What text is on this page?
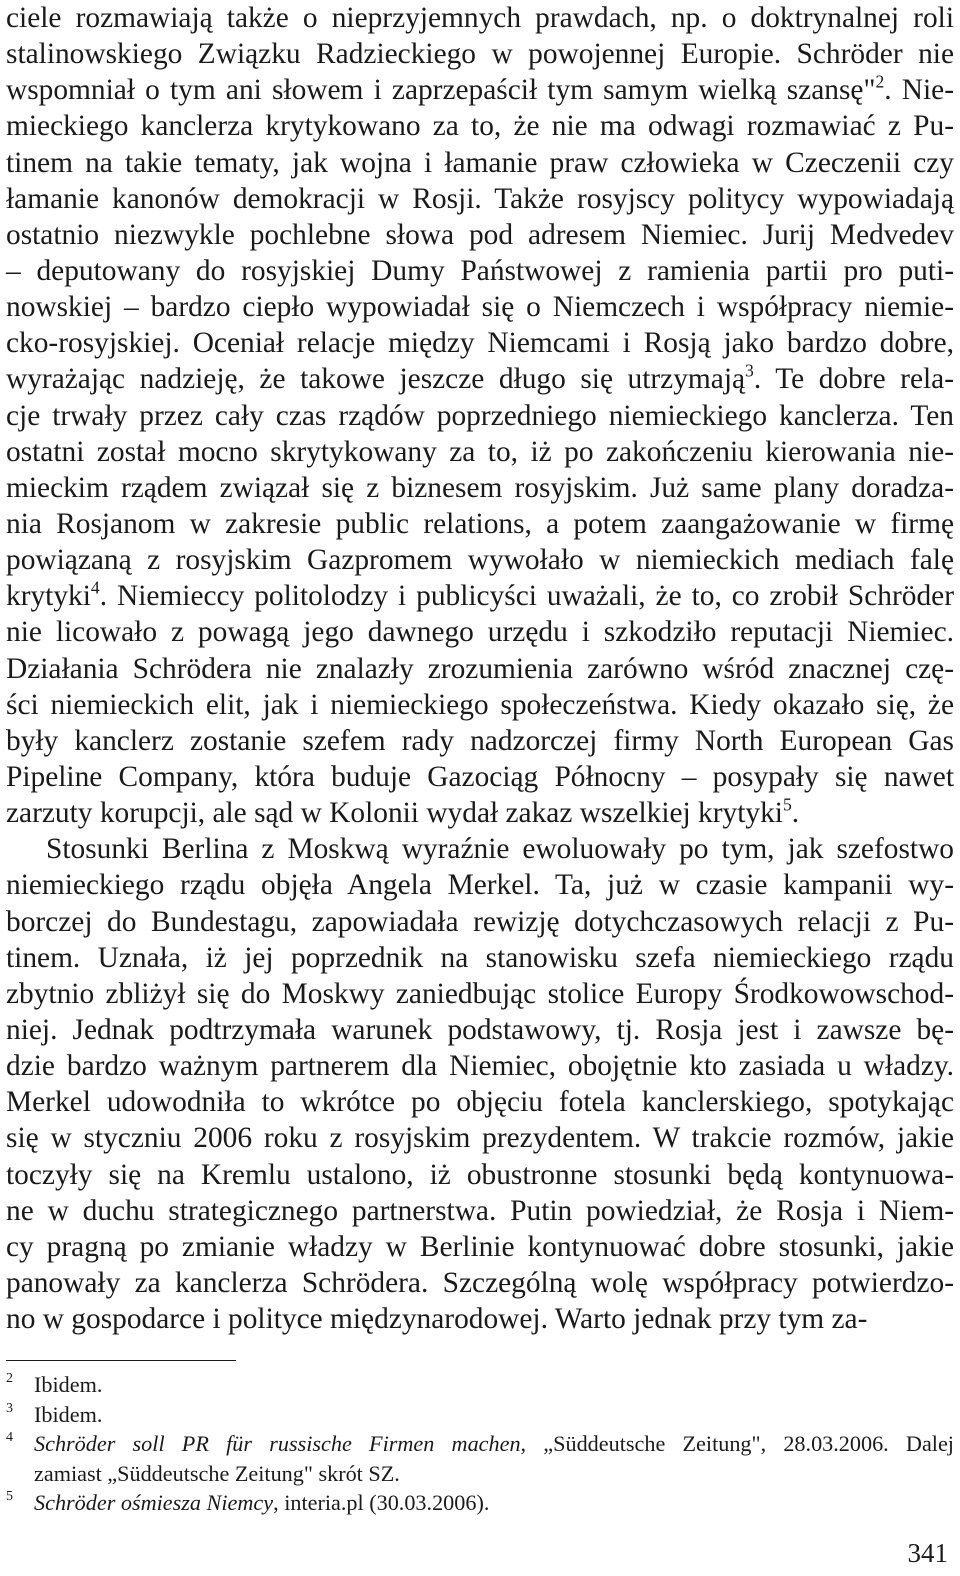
ciele rozmawiają także o nieprzyjemnych prawdach, np. o doktrynalnej roli
stalinowskiego Związku Radzieckiego w powojennej Europie. Schröder nie
wspomniał o tym ani słowem i zaprzepaścił tym samym wielką szansę"$^2$. Nie-
mieckiego kanclerza krytykowano za to, że nie ma odwagi rozmawiać z Pu-
tinem na takie tematy, jak wojna i łamanie praw człowieka w Czeczenii czy
łamanie kanonów demokracji w Rosji. Także rosyjscy politycy wypowiadają
ostatnio niezwykle pochlebne słowa pod adresem Niemiec. Jurij Medvedev
– deputowany do rosyjskiej Dumy Państwowej z ramienia partii pro puti-
nowskiej – bardzo ciepło wypowiadał się o Niemczech i współpracy niemie-
cko-rosyjskiej. Oceniał relacje między Niemcami i Rosją jako bardzo dobre,
wyrażając nadzieję, że takowe jeszcze długo się utrzymają$^3$. Te dobre rela-
cje trwały przez cały czas rządów poprzedniego niemieckiego kanclerza. Ten
ostatni został mocno skrytykowany za to, iż po zakończeniu kierowania nie-
mieckim rządem związał się z biznesem rosyjskim. Już same plany doradza-
nia Rosjanom w zakresie public relations, a potem zaangażowanie w firmę
powiązaną z rosyjskim Gazpromem wywołało w niemieckich mediach falę
krytyki$^4$. Niemieccy politolodzy i publicyści uważali, że to, co zrobił Schröder
nie licowało z powagą jego dawnego urzędu i szkodziło reputacji Niemiec.
Działania Schrödera nie znalazły zrozumienia zarówno wśród znacznej czę-
ści niemieckich elit, jak i niemieckiego społeczeństwa. Kiedy okazało się, że
były kanclerz zostanie szefem rady nadzorczej firmy North European Gas
Pipeline Company, która buduje Gazociąg Północny – posypały się nawet
zarzuty korupcji, ale sąd w Kolonii wydał zakaz wszelkiej krytyki$^5$.
Stosunki Berlina z Moskwą wyraźnie ewoluowały po tym, jak szefostwo
niemieckiego rządu objęła Angela Merkel. Ta, już w czasie kampanii wy-
borczej do Bundestagu, zapowiadała rewizję dotychczasowych relacji z Pu-
tinem. Uznała, iż jej poprzednik na stanowisku szefa niemieckiego rządu
zbytnio zbliżył się do Moskwy zaniedbując stolice Europy Środkowowschod-
niej. Jednak podtrzymała warunek podstawowy, tj. Rosja jest i zawsze bę-
dzie bardzo ważnym partnerem dla Niemiec, obojętnie kto zasiada u władzy.
Merkel udowodniła to wkrótce po objęciu fotela kanclerskiego, spotykając
się w styczniu 2006 roku z rosyjskim prezydentem. W trakcie rozmów, jakie
toczyły się na Kremlu ustalono, iż obustronne stosunki będą kontynuowa-
ne w duchu strategicznego partnerstwa. Putin powiedział, że Rosja i Niem-
cy pragną po zmianie władzy w Berlinie kontynuować dobre stosunki, jakie
panowały za kanclerza Schrödera. Szczególną wolę współpracy potwierdzo-
no w gospodarce i polityce międzynarodowej. Warto jednak przy tym za-
2 Ibidem.
3 Ibidem.
4 Schröder soll PR für russische Firmen machen, „Süddeutsche Zeitung", 28.03.2006. Dalej
zamiast „Süddeutsche Zeitung" skrót SZ.
5 Schröder ośmiesza Niemcy, interia.pl (30.03.2006).
341
